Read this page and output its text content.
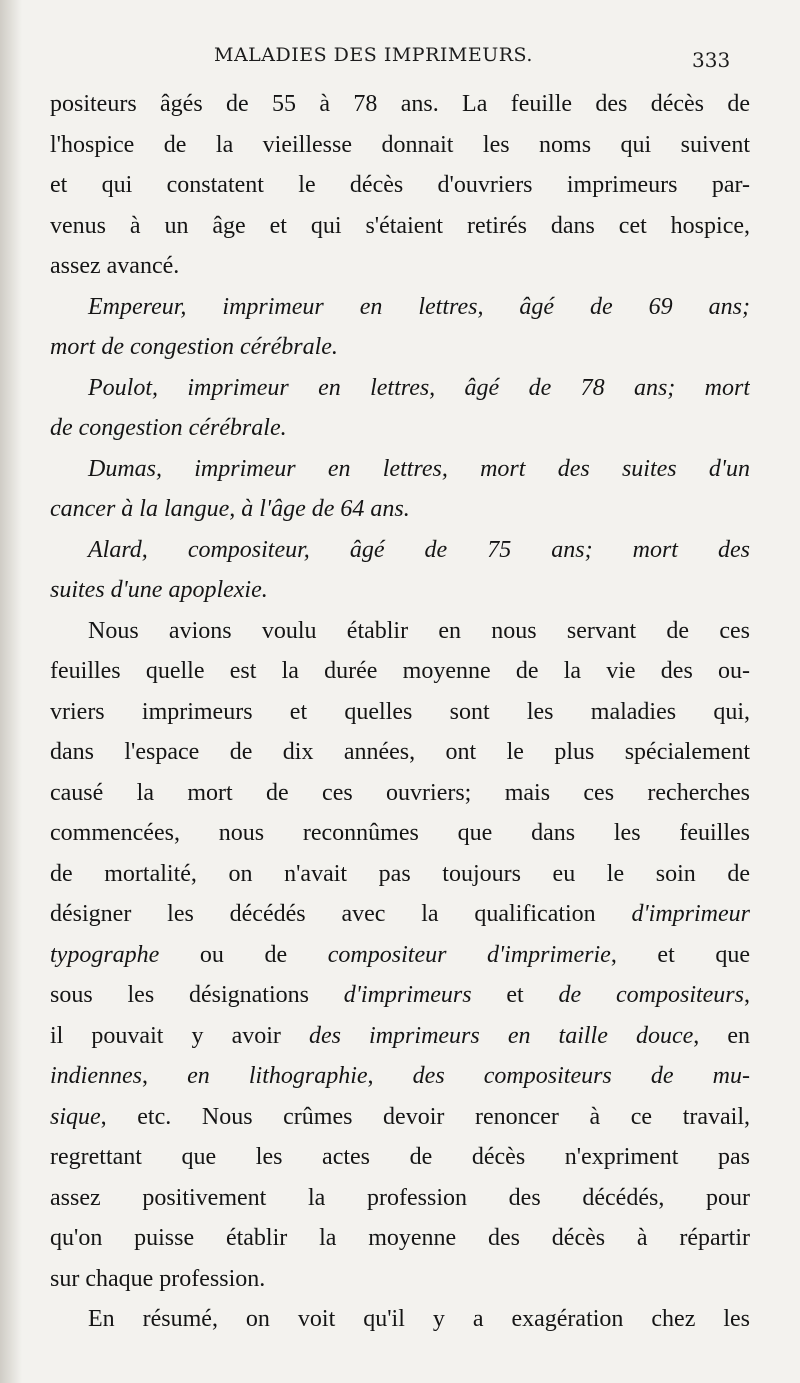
MALADIES DES IMPRIMEURS.	333
positeurs âgés de 55 à 78 ans. La feuille des décès de
l'hospice de la vieillesse donnait les noms qui suivent
et qui constatent le décès d'ouvriers imprimeurs par-
venus à un âge et qui s'étaient retirés dans cet hospice,
assez avancé.
Empereur, imprimeur en lettres, âgé de 69 ans;
mort de congestion cérébrale.
Poulot, imprimeur en lettres, âgé de 78 ans; mort
de congestion cérébrale.
Dumas, imprimeur en lettres, mort des suites d'un
cancer à la langue, à l'âge de 64 ans.
Alard, compositeur, âgé de 75 ans; mort des
suites d'une apoplexie.
Nous avions voulu établir en nous servant de ces
feuilles quelle est la durée moyenne de la vie des ou-
vriers imprimeurs et quelles sont les maladies qui,
dans l'espace de dix années, ont le plus spécialement
causé la mort de ces ouvriers; mais ces recherches
commencées, nous reconnûmes que dans les feuilles
de mortalité, on n'avait pas toujours eu le soin de
désigner les décédés avec la qualification d'imprimeur
typographe ou de compositeur d'imprimerie, et que
sous les désignations d'imprimeurs et de compositeurs,
il pouvait y avoir des imprimeurs en taille douce, en
indiennes, en lithographie, des compositeurs de mu-
sique, etc. Nous crûmes devoir renoncer à ce travail,
regrettant que les actes de décès n'expriment pas
assez positivement la profession des décédés, pour
qu'on puisse établir la moyenne des décès à répartir
sur chaque profession.
En résumé, on voit qu'il y a exagération chez les
